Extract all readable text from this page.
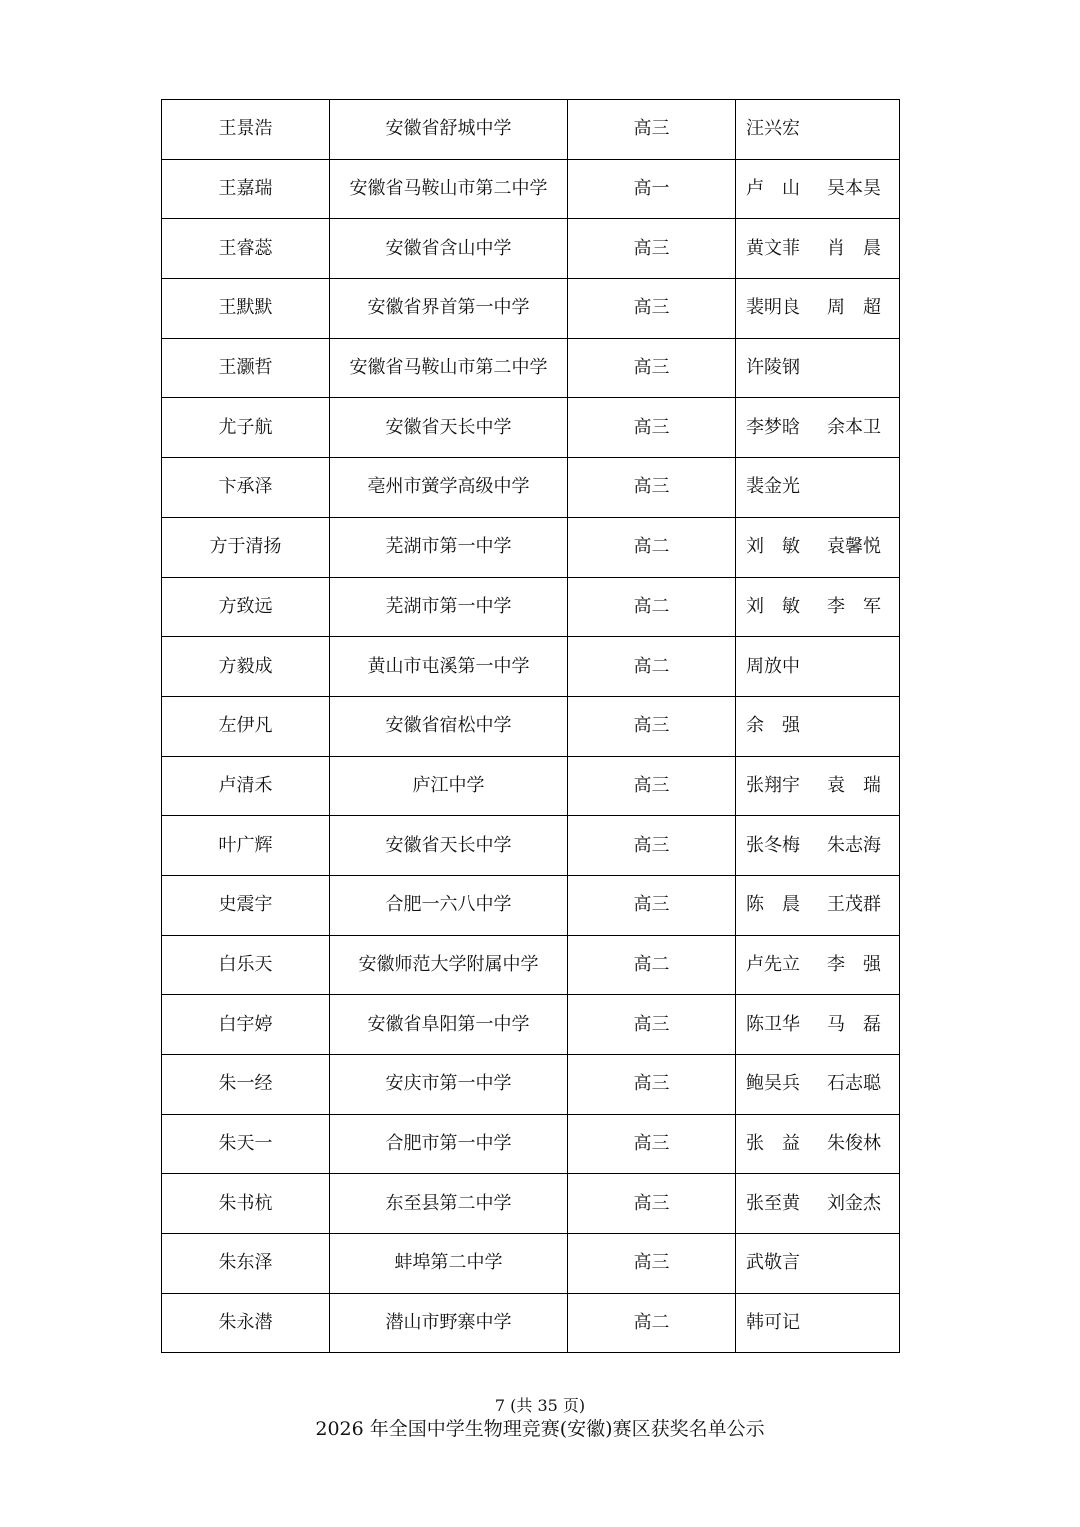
王景浩	安徽省舒城中学	高三	汪兴宏

王嘉瑞	安徽省马鞍山市第二中学	高一	卢　山 吴本昊

王睿蕊	安徽省含山中学	高三	黄文菲 肖　晨

王默默	安徽省界首第一中学	高三	裴明良 周　超

王灏哲	安徽省马鞍山市第二中学	高三	许陵钢

尤子航	安徽省天长中学	高三	李梦晗 余本卫

卞承泽	亳州市黉学高级中学	高三	裴金光

方于清扬	芜湖市第一中学	高二	刘　敏 袁馨悦

方致远	芜湖市第一中学	高二	刘　敏 李　军

方毅成	黄山市屯溪第一中学	高二	周放中

左伊凡	安徽省宿松中学	高三	余　强

卢清禾	庐江中学	高三	张翔宇 袁　瑞

叶广辉	安徽省天长中学	高三	张冬梅 朱志海

史震宇	合肥一六八中学	高三	陈　晨 王茂群

白乐天	安徽师范大学附属中学	高二	卢先立 李　强

白宇婷	安徽省阜阳第一中学	高三	陈卫华 马　磊

朱一经	安庆市第一中学	高三	鲍吴兵 石志聪

朱天一	合肥市第一中学	高三	张　益 朱俊林

朱书杭	东至县第二中学	高三	张至黄 刘金杰

朱东泽	蚌埠第二中学	高三	武敬言

朱永潜	潜山市野寨中学	高二	韩可记
7 (共 35 页)
2026 年全国中学生物理竞赛(安徽)赛区获奖名单公示
